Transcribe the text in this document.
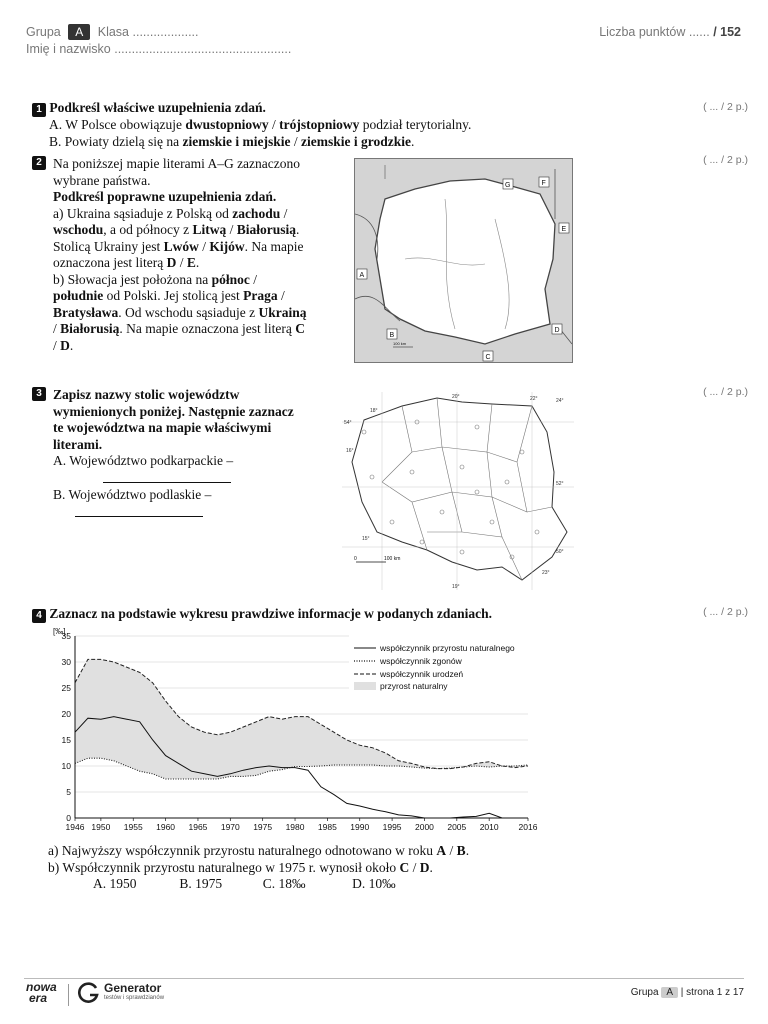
Grupa A Klasa ...................
Imię i nazwisko ...................................................
Liczba punktów ...... / 152
1 Podkreśl właściwe uzupełnienia zdań.
A. W Polsce obowiązuje dwustopniowy / trójstopniowy podział terytorialny.
B. Powiaty dzielą się na ziemskie i miejskie / ziemskie i grodzkie.
( ... / 2 p.)
2 Na poniższej mapie literami A–G zaznaczono
wybrane państwa.
Podkreśl poprawne uzupełnienia zdań.
a) Ukraina sąsiaduje z Polską od zachodu /
wschodu, a od północy z Litwą / Białorusią.
Stolicą Ukrainy jest Lwów / Kijów. Na mapie
oznaczona jest literą D / E.
b) Słowacja jest położona na północ /
południe od Polski. Jej stolicą jest Praga /
Bratysława. Od wschodu sąsiaduje z Ukrainą
/ Białorusią. Na mapie oznaczona jest literą C
/ D.
( ... / 2 p.)
A
B
C
D
E
F
G
100 km
3 Zapisz nazwy stolic województw
wymienionych poniżej. Następnie zaznacz
te województwa na mapie właściwymi
literami.
A. Województwo podkarpackie –
B. Województwo podlaskie –
( ... / 2 p.)
18°
20°	22°
16°
54°
52°
50°
15°
19°
23°
24°
0	100 km
4 Zaznacz na podstawie wykresu prawdziwe informacje w podanych zdaniach.	( ... / 2 p.)
[‰]
0
5
10
15
20
25
30
35
1946 1950 1955 1960 1965 1970 1975 1980 1985 1990 1995 2000 2005 2010 2016
współczynnik przyrostu naturalnego
współczynnik zgonów
współczynnik urodzeń
przyrost naturalny
a) Najwyższy współczynnik przyrostu naturalnego odnotowano w roku A / B.
b) Współczynnik przyrostu naturalnego w 1975 r. wynosił około C / D.
A. 1950	B. 1975	C. 18‰	D. 10‰
nowa
era
Generator
testów i sprawdzianów	Grupa A | strona 1 z 17
